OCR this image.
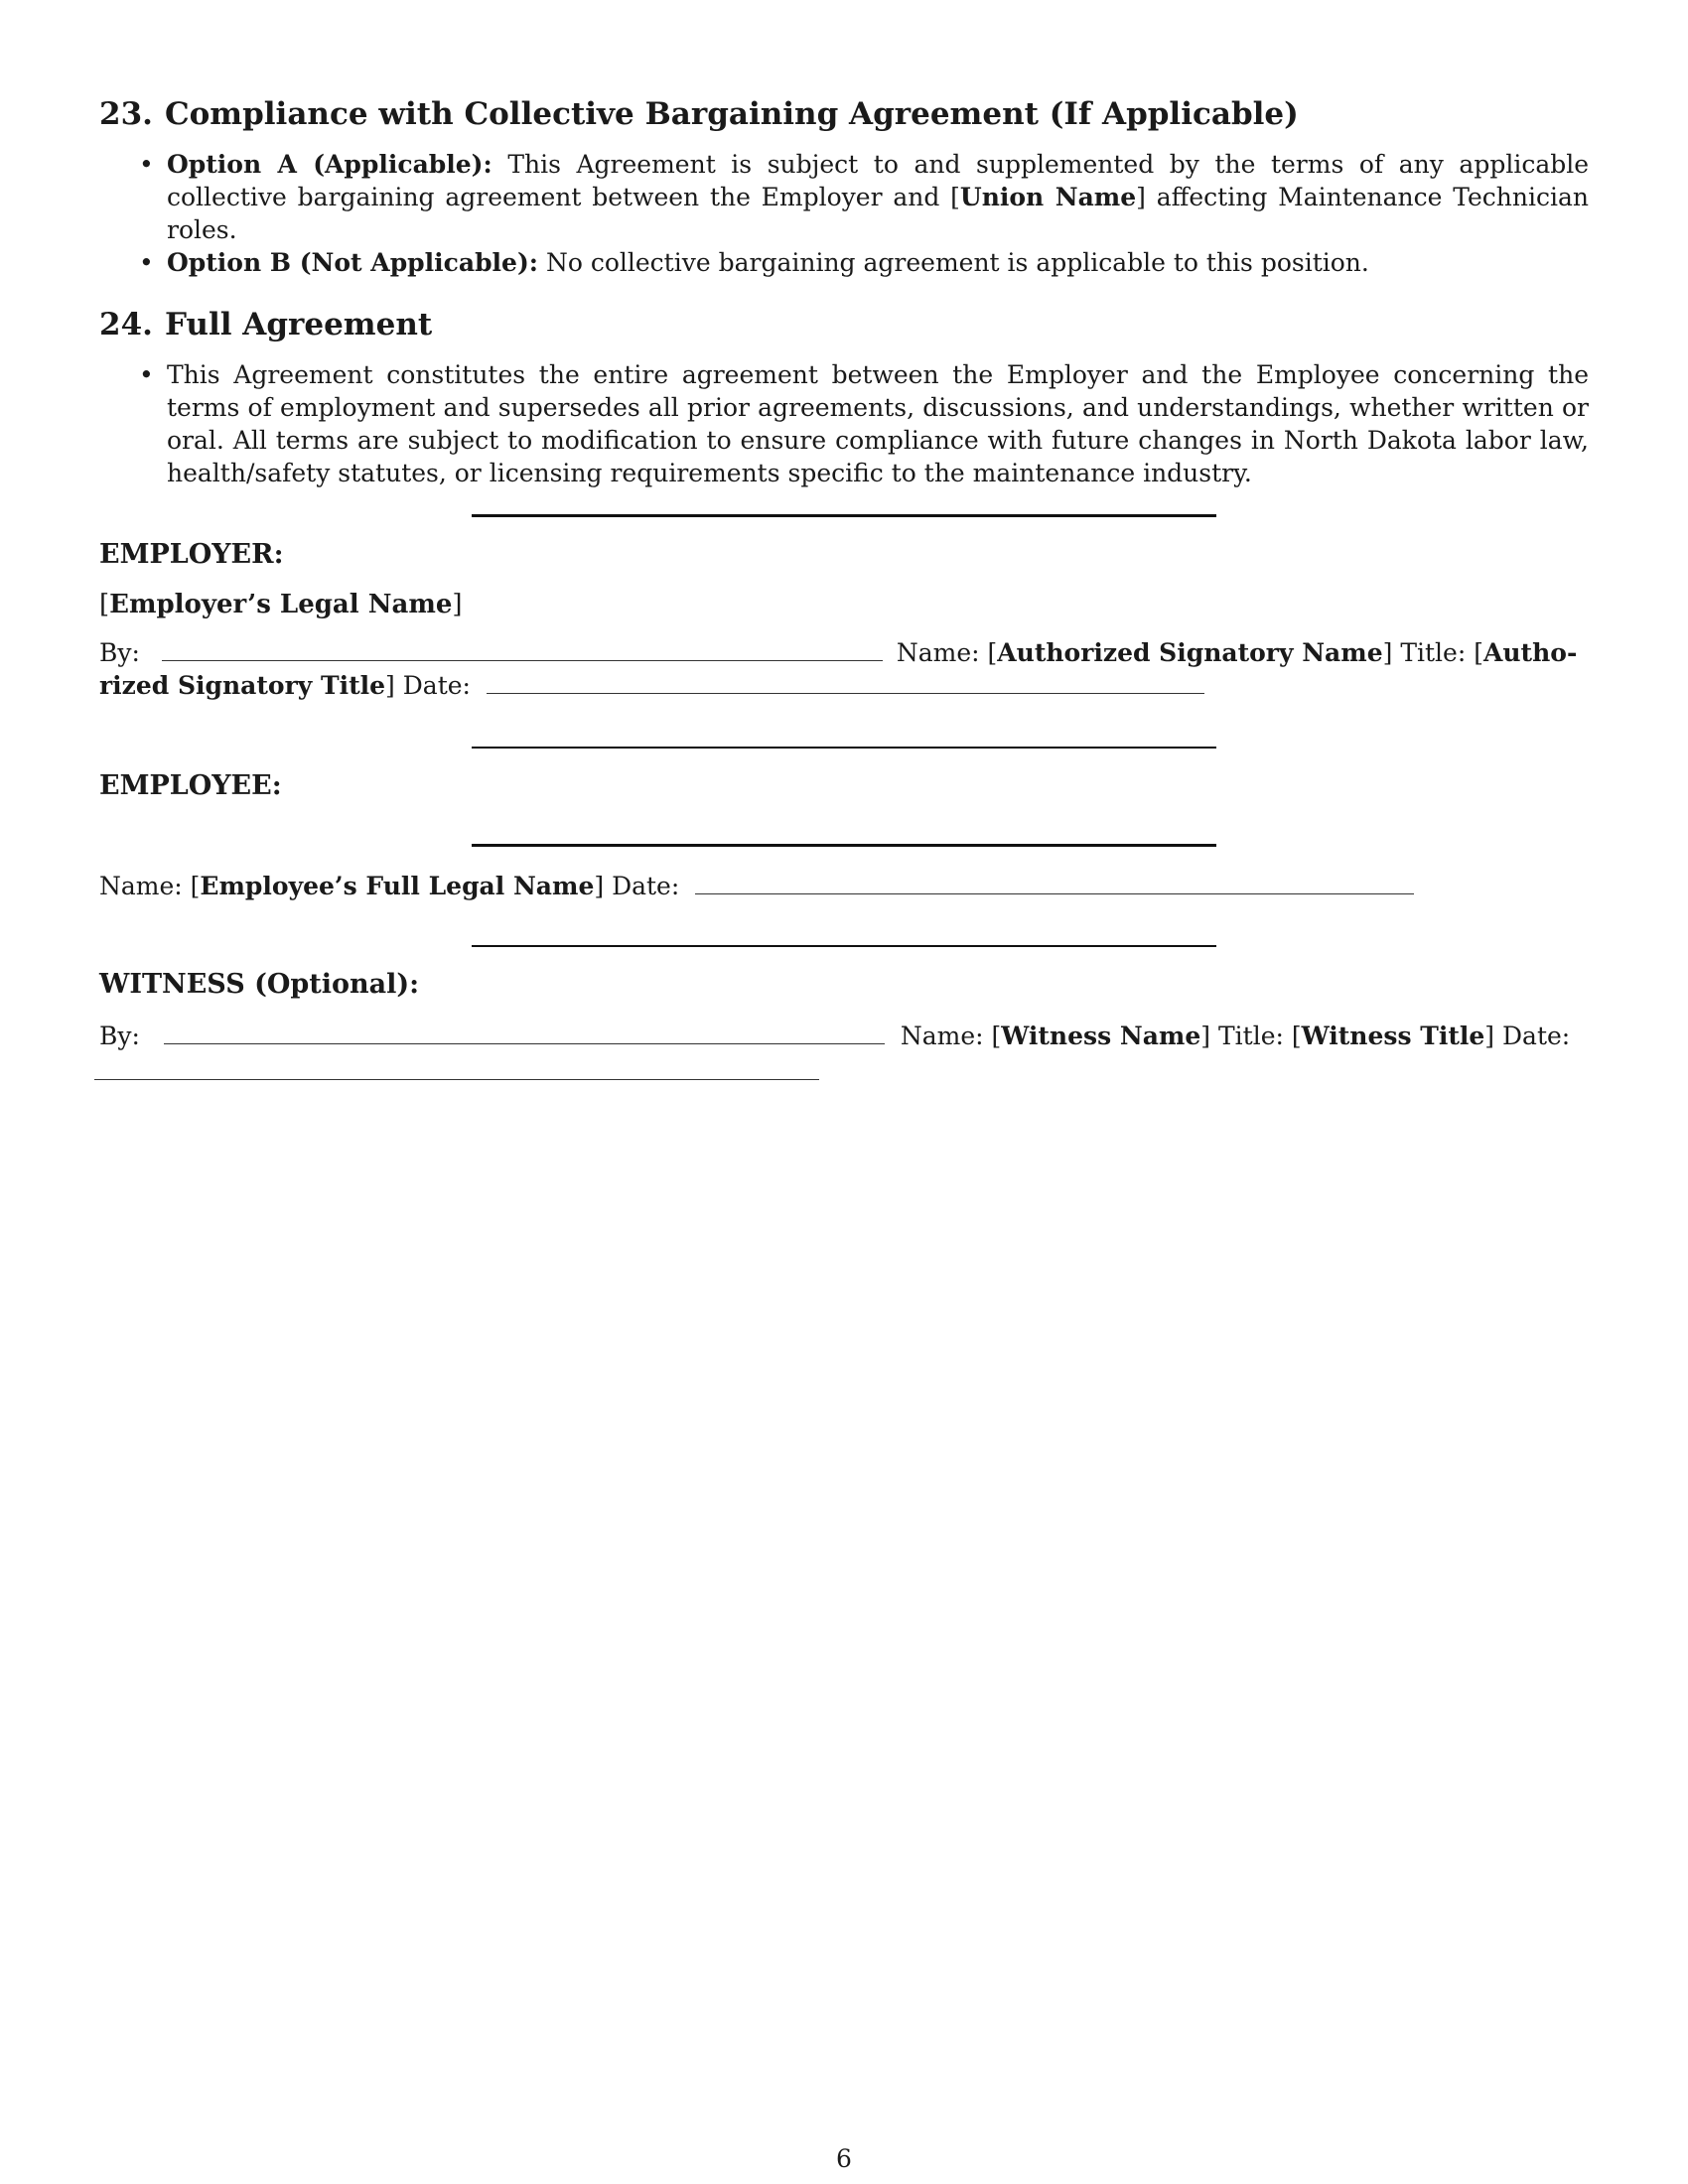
23. Compliance with Collective Bargaining Agreement (If Applicable)
• Option A (Applicable): This Agreement is subject to and supplemented by the terms of any applicable collective bargaining agreement between the Employer and [Union Name] affecting Maintenance Technician roles.
• Option B (Not Applicable): No collective bargaining agreement is applicable to this position.
24. Full Agreement
• This Agreement constitutes the entire agreement between the Employer and the Employee concerning the terms of employment and supersedes all prior agreements, discussions, and understandings, whether written or oral. All terms are subject to modification to ensure compliance with future changes in North Dakota labor law, health/safety statutes, or licensing requirements specific to the maintenance industry.
EMPLOYER:
[Employer’s Legal Name]
By:	Name: [Authorized Signatory Name] Title: [Autho-
rized Signatory Title] Date:
EMPLOYEE:
Name: [Employee’s Full Legal Name] Date:
WITNESS (Optional):
By:	Name: [Witness Name] Title: [Witness Title] Date:
6
